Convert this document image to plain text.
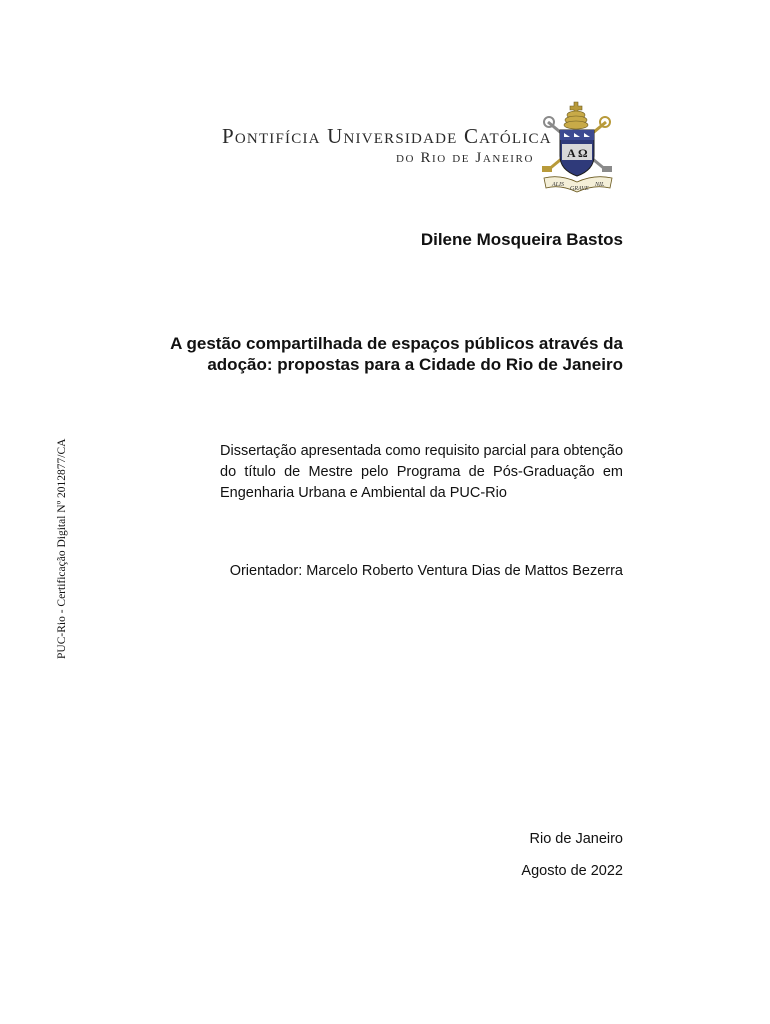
Pontifícia Universidade Católica
do Rio de Janeiro	A Ω
ALIS
GRAVE
NIL
PUC-Rio - Certificação Digital Nº 2012877/CA
Dilene Mosqueira Bastos
A gestão compartilhada de espaços públicos através da adoção: propostas para a Cidade do Rio de Janeiro
Dissertação apresentada como requisito parcial para obtenção do título de Mestre pelo Programa de Pós-Graduação em Engenharia Urbana e Ambiental da PUC-Rio
Orientador: Marcelo Roberto Ventura Dias de Mattos Bezerra
Rio de Janeiro
Agosto de 2022
